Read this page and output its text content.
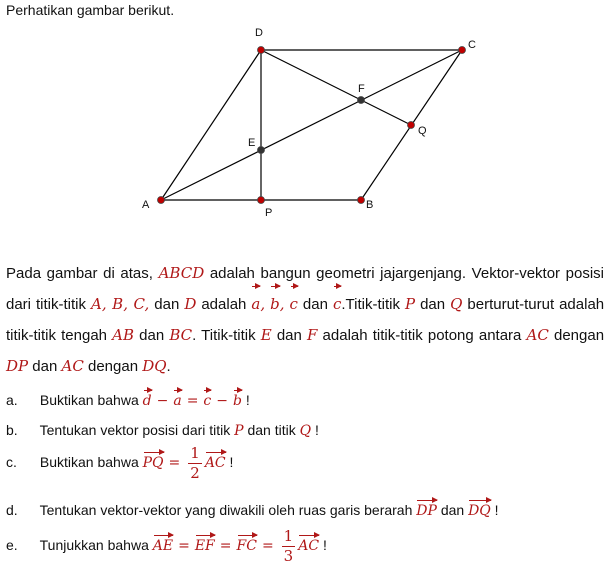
Perhatikan gambar berikut.
A	B
C
D
E
F
P
Q
Pada gambar di atas, ABCD adalah bangun geometri jajargenjang. Vektor-vektor posisi dari titik-titik A, B, C, dan D adalah a, b, c dan c.Titik-titik P dan Q berturut-turut adalah titik-titik tengah AB dan BC. Titik-titik E dan F adalah titik-titik potong antara AC dengan DP dan AC dengan DQ.
a. Buktikan bahwa d − a = c − b !
b. Tentukan vektor posisi dari titik P dan titik Q !
c. Buktikan bahwa PQ = $\frac{1}{2}$ AC !
d. Tentukan vektor-vektor yang diwakili oleh ruas garis berarah DP dan DQ !
e. Tunjukkan bahwa AE = EF = FC = $\frac{1}{3}$ AC !
